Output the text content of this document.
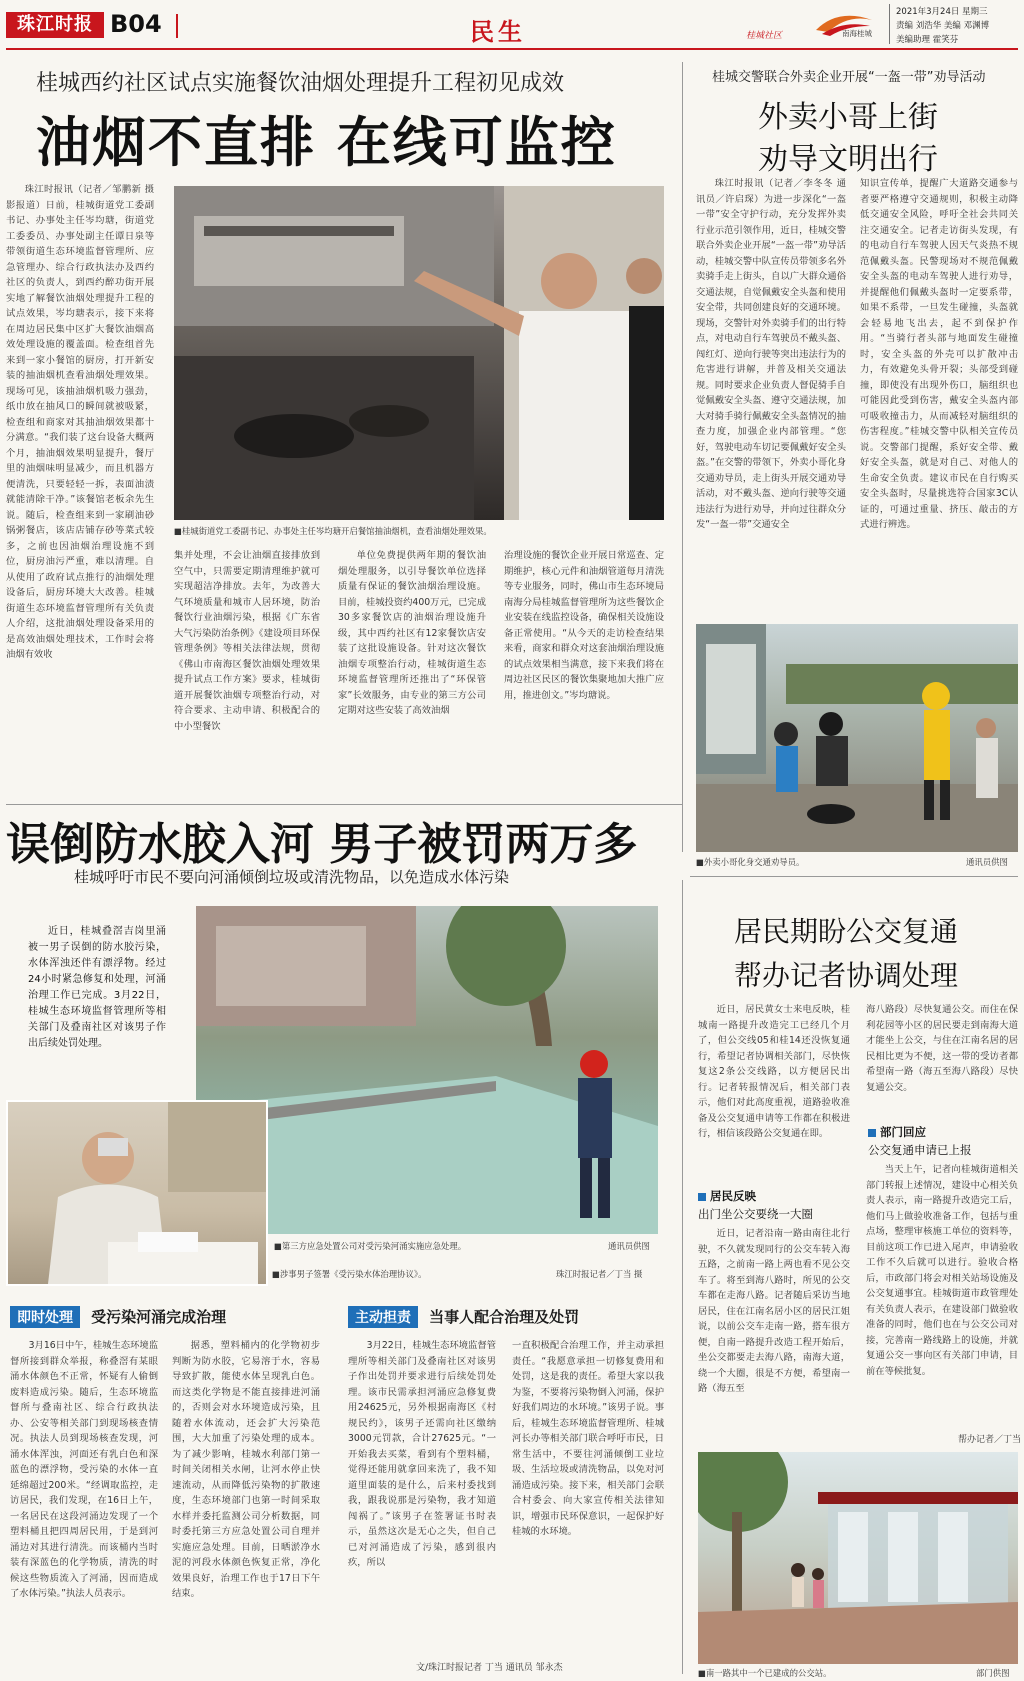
珠江时报 B04	民生	桂城社区	南海桂城
2021年3月24日 星期三
责编 刘浩华 美编 邓渊博
美编助理 霍笑芬
桂城西约社区试点实施餐饮油烟处理提升工程初见成效
油烟不直排 在线可监控
珠江时报讯（记者／邹鹏新 摄影报道）日前，桂城街道党工委副书记、办事处主任岑均瑭，街道党工委委员、办事处副主任谭日泉等带领街道生态环境监督管理所、应急管理办、综合行政执法办及西约社区的负责人，到西约醉功街开展实地了解餐饮油烟处理提升工程的试点效果，岑均瑭表示，接下来将在周边居民集中区扩大餐饮油烟高效处理设施的覆盖面。检查组首先来到一家小餐馆的厨房，打开新安装的抽油烟机查看油烟处理效果。现场可见，该抽油烟机吸力强劲，纸巾放在抽风口的瞬间就被吸紧，检查组和商家对其抽油烟效果都十分满意。“我们装了这台设备大概两个月，抽油烟效果明显提升，餐厅里的油烟味明显减少，而且机器方便清洗，只要轻轻一拆，表面油渍就能清除干净。”该餐馆老板余先生说。随后，检查组来到一家刷油砂锅粥餐店，该店店铺存砂等菜式较多，之前也因油烟治理设施不到位，厨房油污严重，难以清理。自从使用了政府试点推行的油烟处理设备后，厨房环境大大改善。桂城街道生态环境监督管理所有关负责人介绍，这批油烟处理设备采用的是高效油烟处理技术，工作时会将油烟有效收
■桂城街道党工委副书记、办事处主任岑均瑭开启餐馆抽油烟机，查看油烟处理效果。
集并处理，不会让油烟直接排放到空气中，只需要定期清理维护就可实现超洁净排放。去年，为改善大气环境质量和城市人居环境，防治餐饮行业油烟污染，根据《广东省大气污染防治条例》《建设项目环保管理条例》等相关法律法规，贯彻《佛山市南海区餐饮油烟处理效果提升试点工作方案》要求，桂城街道开展餐饮油烟专项整治行动，对符合要求、主动申请、积极配合的中小型餐饮
单位免费提供两年期的餐饮油烟处理服务，以引导餐饮单位选择质量有保证的餐饮油烟治理设施。目前，桂城投资约400万元，已完成30多家餐饮店的油烟治理设施升级，其中西约社区有12家餐饮店安装了这批设施设备。针对这次餐饮油烟专项整治行动，桂城街道生态环境监督管理所还推出了“环保管家”长效服务，由专业的第三方公司定期对这些安装了高效油烟
治理设施的餐饮企业开展日常巡查、定期维护，核心元件和油烟管道每月清洗等专业服务，同时，佛山市生态环境局南海分局桂城监督管理所为这些餐饮企业安装在线监控设备，确保相关设施设备正常使用。“从今天的走访检查结果来看，商家和群众对这套油烟治理设施的试点效果相当满意，接下来我们将在周边社区民区的餐饮集聚地加大推广应用，推进创文。”岑均瑭说。
桂城交警联合外卖企业开展“一盔一带”劝导活动
外卖小哥上街
劝导文明出行
珠江时报讯（记者／李冬冬 通讯员／许启琛）为进一步深化“一盔一带”安全守护行动，充分发挥外卖行业示范引领作用，近日，桂城交警联合外卖企业开展“一盔一带”劝导活动，桂城交警中队宣传员带领多名外卖骑手走上街头，自以广大群众通俗交通法规，自觉佩戴安全头盔和使用安全带，共同创建良好的交通环境。现场，交警针对外卖骑手们的出行特点，对电动自行车驾驶员不戴头盔、闯红灯、逆向行驶等突出违法行为的危害进行讲解，并普及相关交通法规。同时要求企业负责人督促骑手自觉佩戴安全头盔、遵守交通法规，加大对骑手骑行佩戴安全头盔情况的抽查力度，加强企业内部管理。“您好，驾驶电动车切记要佩戴好安全头盔。”在交警的带领下，外卖小哥化身交通劝导员，走上街头开展交通劝导活动，对不戴头盔、逆向行驶等交通违法行为进行劝导，并向过往群众分发“一盔一带”交通安全
知识宣传单，提醒广大道路交通参与者要严格遵守交通规则，积极主动降低交通安全风险，呼吁全社会共同关注交通安全。记者走访街头发现，有的电动自行车驾驶人因天气炎热不规范佩戴头盔。民警现场对不规范佩戴安全头盔的电动车驾驶人进行劝导，并提醒他们佩戴头盔时一定要系带，如果不系带，一旦发生碰撞，头盔就会轻易地飞出去，起不到保护作用。“当骑行者头部与地面发生碰撞时，安全头盔的外壳可以扩散冲击力，有效避免头骨开裂；头部受到碰撞，即使没有出现外伤口，脑组织也可能因此受到伤害，戴安全头盔内部可吸收撞击力，从而减轻对脑组织的伤害程度。”桂城交警中队相关宣传员说。交警部门提醒，系好安全带、戴好安全头盔，就是对自己、对他人的生命安全负责。建议市民在自行购买安全头盔时，尽量挑选符合国家3C认证的，可通过重量、挤压、敲击的方式进行辨选。
■外卖小哥化身交通劝导员。	通讯员供图
误倒防水胶入河 男子被罚两万多
桂城呼吁市民不要向河涌倾倒垃圾或清洗物品，以免造成水体污染
近日，桂城叠滘吉岗里涌被一男子误倒的防水胶污染，水体浑浊还伴有漂浮物。经过24小时紧急修复和处理，河涌治理工作已完成。3月22日，桂城生态环境监督管理所等相关部门及叠南社区对该男子作出后续处罚处理。
■第三方应急处置公司对受污染河涌实施应急处理。	通讯员供图
■涉事男子签署《受污染水体治理协议》。	珠江时报记者／丁当 摄
即时处理 受污染河涌完成治理
3月16日中午，桂城生态环境监督所接到群众举报，称叠滘有某眼涌水体颜色不正常，怀疑有人偷倒废料造成污染。随后，生态环境监督所与叠南社区、综合行政执法办、公安等相关部门到现场核查情况。执法人员到现场核查发现，河涌水体浑浊，河面还有乳白色和深蓝色的漂浮物，受污染的水体一直延绵超过200米。“经调取监控，走访居民，我们发现，在16日上午，一名居民在这段河涌边发现了一个塑料桶且把四周居民用，于是到河涌边对其进行清洗。而该桶内当时装有深蓝色的化学物质，清洗的时候这些物质流入了河涌，因而造成了水体污染。”执法人员表示。
据悉，塑料桶内的化学物初步判断为防水胶，它易溶于水，容易导致扩散，能使水体呈现乳白色。而这类化学物是不能直接排进河涌的，否则会对水环境造成污染，且随着水体流动，还会扩大污染范围，大大加重了污染处理的成本。为了减少影响，桂城水利部门第一时间关闭相关水闸，让河水停止快速流动，从而降低污染物的扩散速度，生态环境部门也第一时间采取水样并委托监测公司分析数据，同时委托第三方应急处置公司自理并实施应急处理。目前，日晒淤净水泥的河段水体颜色恢复正常，净化效果良好，治理工作也于17日下午结束。
主动担责 当事人配合治理及处罚
3月22日，桂城生态环境监督管理所等相关部门及叠南社区对该男子作出处罚并要求进行后续处罚处理。该市民需承担河涌应急修复费用24625元，另外根据南海区《村规民约》，该男子还需向社区缴纳3000元罚款，合计27625元。“一开始我去买菜，看到有个塑料桶，觉得还能用就拿回来洗了，我不知道里面装的是什么，后来村委找到我，跟我说那是污染物，我才知道闯祸了。”该男子在签署证书时表示，虽然这次是无心之失，但自己已对河涌造成了污染，感到很内疚，所以
一直积极配合治理工作，并主动承担责任。“我愿意承担一切修复费用和处罚，这是我的责任。希望大家以我为鉴，不要将污染物倒入河涌，保护好我们周边的水环境。”该男子说。事后，桂城生态环境监督管理所、桂城河长办等相关部门联合呼吁市民，日常生活中，不要往河涌倾倒工业垃圾、生活垃圾或清洗物品，以免对河涌造成污染。接下来，相关部门会联合村委会、向大家宣传相关法律知识，增强市民环保意识，一起保护好桂城的水环境。
文/珠江时报记者 丁当 通讯员 邹永杰
居民期盼公交复通
帮办记者协调处理
近日，居民黄女士来电反映，桂城南一路提升改造完工已经几个月了，但公交线05和桂14还没恢复通行，希望记者协调相关部门，尽快恢复这2条公交线路，以方便居民出行。记者转报情况后，相关部门表示，他们对此高度重视，道路验收准备及公交复通申请等工作都在积极进行，相信该段路公交复通在即。
海八路段）尽快复通公交。而住在保利花园等小区的居民要走到南海大道才能坐上公交，与住在江南名居的居民相比更为不便，这一带的受访者都希望南一路（海五至海八路段）尽快复通公交。
居民反映
出门坐公交要绕一大圈
近日，记者沿南一路由南往北行驶，不久就发现同行的公交车转入海五路，之前南一路上两也看不见公交车了。将至到海八路时，所见的公交车都在走海八路。记者随后采访当地居民，住在江南名居小区的居民江姐说，以前公交车走南一路，搭车很方便，自南一路提升改造工程开始后，坐公交都要走去海八路，南海大道，绕一个大圈，很是不方便，希望南一路（海五至
部门回应
公交复通申请已上报
当天上午，记者向桂城街道相关部门转报上述情况，建设中心相关负责人表示，南一路提升改造完工后，他们马上做验收准备工作，包括与重点场，整理审核施工单位的资料等，目前这项工作已进入尾声，申请验收工作不久后就可以进行。验收合格后，市政部门将会对相关站场设施及公交复通事宜。桂城街道市政管理处有关负责人表示，在建设部门做验收准备的同时，他们也在与公交公司对接，完善南一路线路上的设施，并就复通公交一事向区有关部门申请，目前在等候批复。
帮办记者／丁当
■南一路其中一个已建成的公交站。	部门供图
